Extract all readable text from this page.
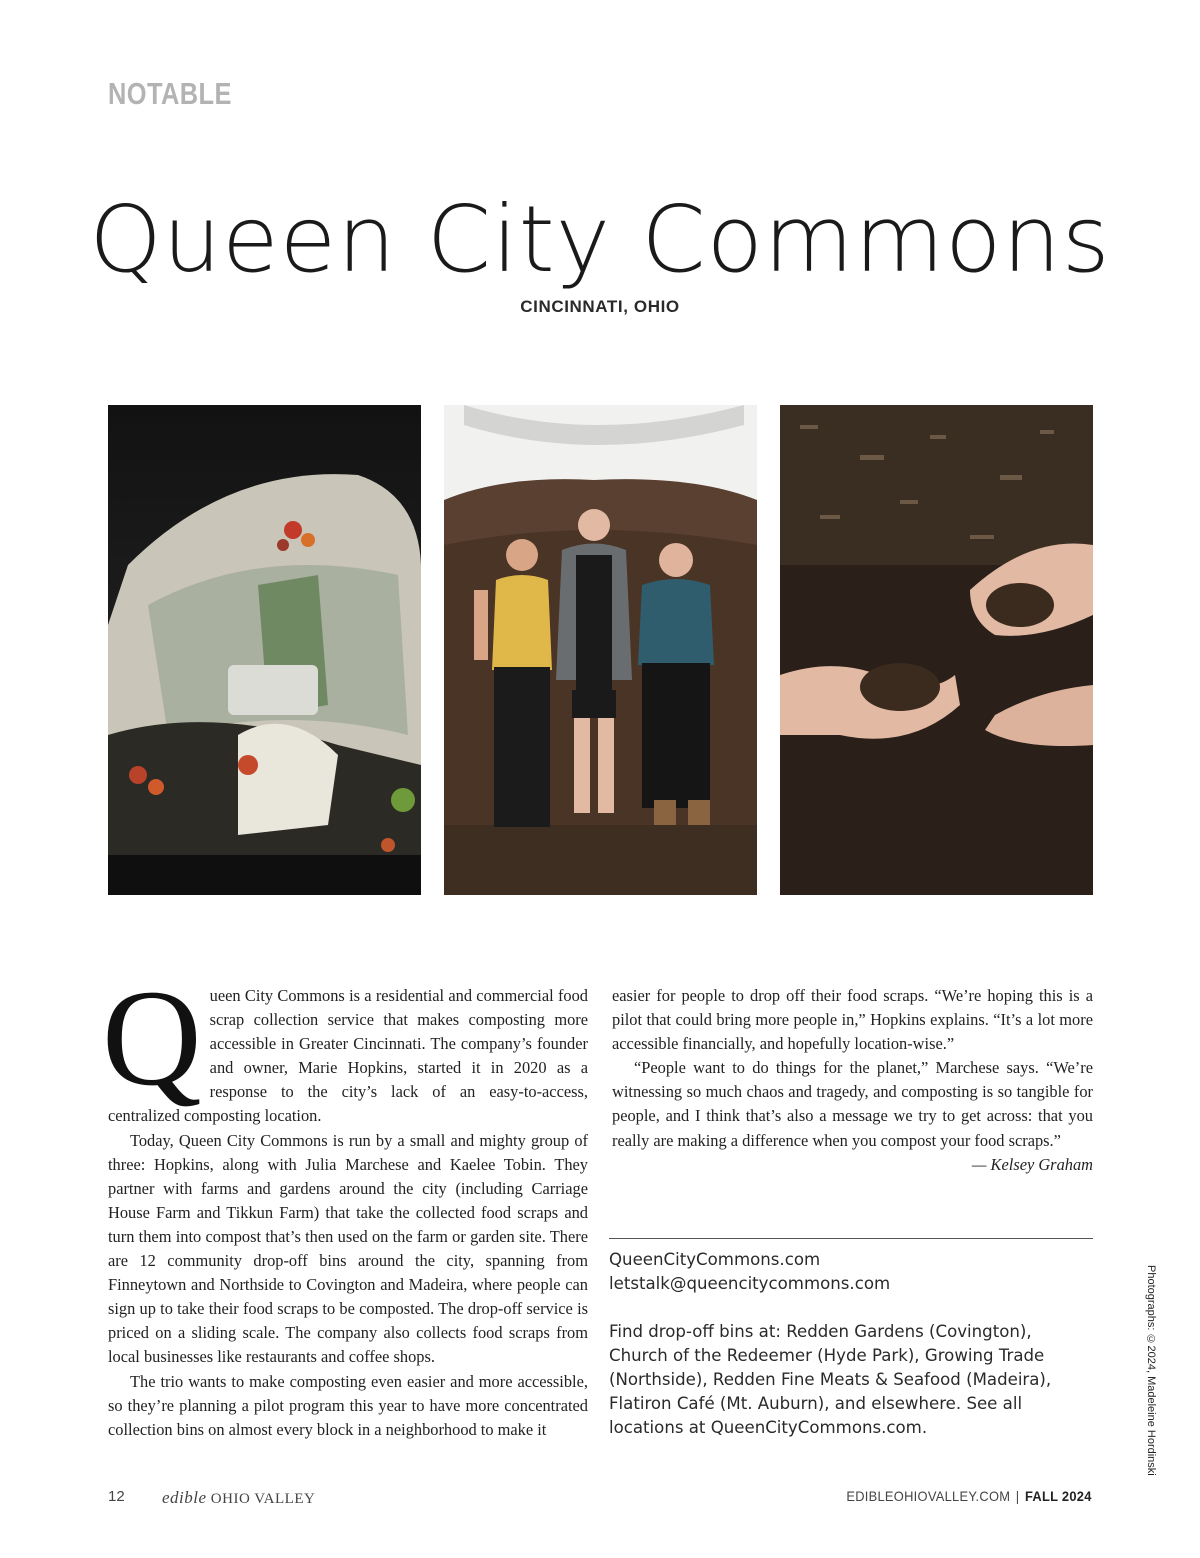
NOTABLE
Queen City Commons
CINCINNATI, OHIO

Queen City Commons is a residential and commercial food scrap collection service that makes composting more accessible in Greater Cincinnati. The company’s founder and owner, Marie Hopkins, started it in 2020 as a response to the city’s lack of an easy-to-access, centralized composting location.

Today, Queen City Commons is run by a small and mighty group of three: Hopkins, along with Julia Marchese and Kaelee Tobin. They partner with farms and gardens around the city (including Carriage House Farm and Tikkun Farm) that take the collected food scraps and turn them into compost that’s then used on the farm or garden site. There are 12 community drop-off bins around the city, spanning from Finneytown and Northside to Covington and Madeira, where people can sign up to take their food scraps to be composted. The drop-off service is priced on a sliding scale. The company also collects food scraps from local businesses like restaurants and coffee shops.

The trio wants to make composting even easier and more accessible, so they’re planning a pilot program this year to have more concentrated collection bins on almost every block in a neighborhood to make it

easier for people to drop off their food scraps. “We’re hoping this is a pilot that could bring more people in,” Hopkins explains. “It’s a lot more accessible financially, and hopefully location-wise.”

“People want to do things for the planet,” Marchese says. “We’re witnessing so much chaos and tragedy, and composting is so tangible for people, and I think that’s also a message we try to get across: that you really are making a difference when you compost your food scraps.”

— Kelsey Graham

QueenCityCommons.com
letstalk@queencitycommons.com
Find drop-off bins at: Redden Gardens (Covington), Church of the Redeemer (Hyde Park), Growing Trade (Northside), Redden Fine Meats & Seafood (Madeira), Flatiron Café (Mt. Auburn), and elsewhere. See all locations at QueenCityCommons.com.	Photographs: ©2024, Madeleine Hordinski
12 edible OHIO VALLEY	EDIBLEOHIOVALLEY.COM | FALL 2024
